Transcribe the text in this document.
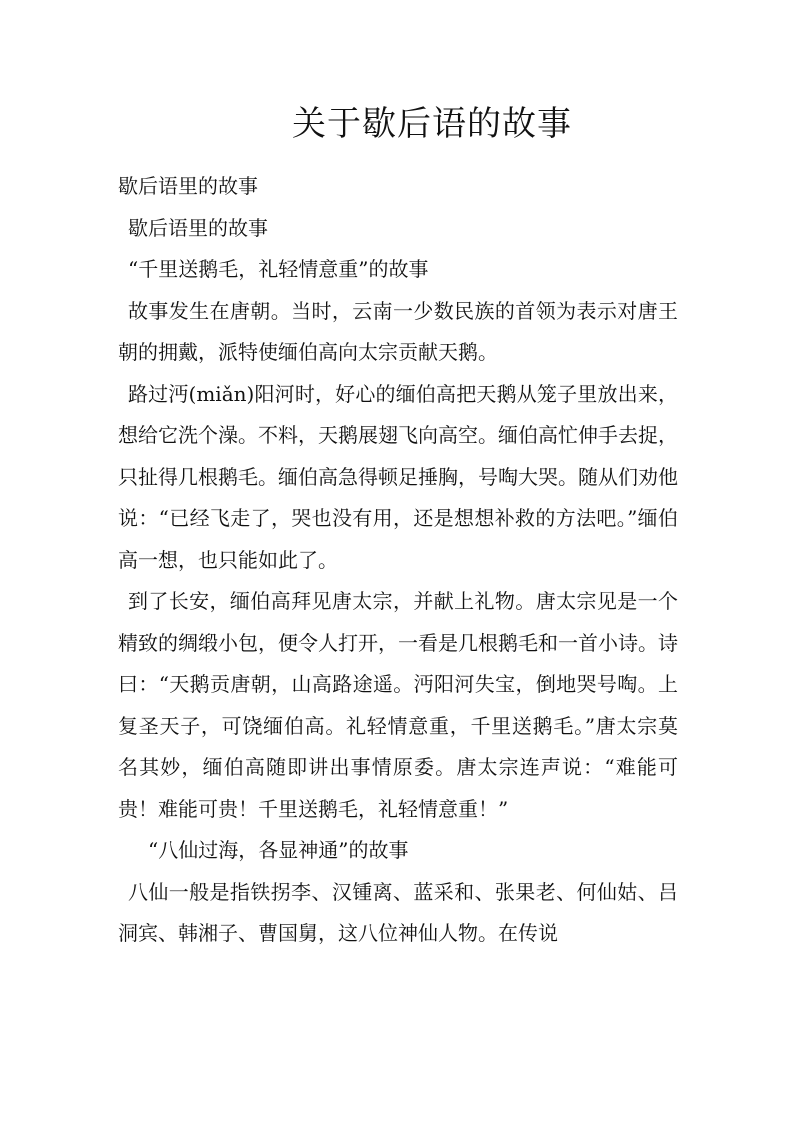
关于歇后语的故事

歇后语里的故事

歇后语里的故事

“千里送鹅毛，礼轻情意重”的故事

故事发生在唐朝。当时，云南一少数民族的首领为表示对唐王朝的拥戴，派特使缅伯高向太宗贡献天鹅。

路过沔(miǎn)阳河时，好心的缅伯高把天鹅从笼子里放出来，想给它洗个澡。不料，天鹅展翅飞向高空。缅伯高忙伸手去捉，只扯得几根鹅毛。缅伯高急得顿足捶胸，号啕大哭。随从们劝他说：“已经飞走了，哭也没有用，还是想想补救的方法吧。”缅伯高一想，也只能如此了。

到了长安，缅伯高拜见唐太宗，并献上礼物。唐太宗见是一个精致的绸缎小包，便令人打开，一看是几根鹅毛和一首小诗。诗曰：“天鹅贡唐朝，山高路途遥。沔阳河失宝，倒地哭号啕。上复圣天子，可饶缅伯高。礼轻情意重，千里送鹅毛。”唐太宗莫名其妙，缅伯高随即讲出事情原委。唐太宗连声说：“难能可贵！难能可贵！千里送鹅毛，礼轻情意重！”

“八仙过海，各显神通”的故事

八仙一般是指铁拐李、汉锺离、蓝采和、张果老、何仙姑、吕洞宾、韩湘子、曹国舅，这八位神仙人物。在传说
